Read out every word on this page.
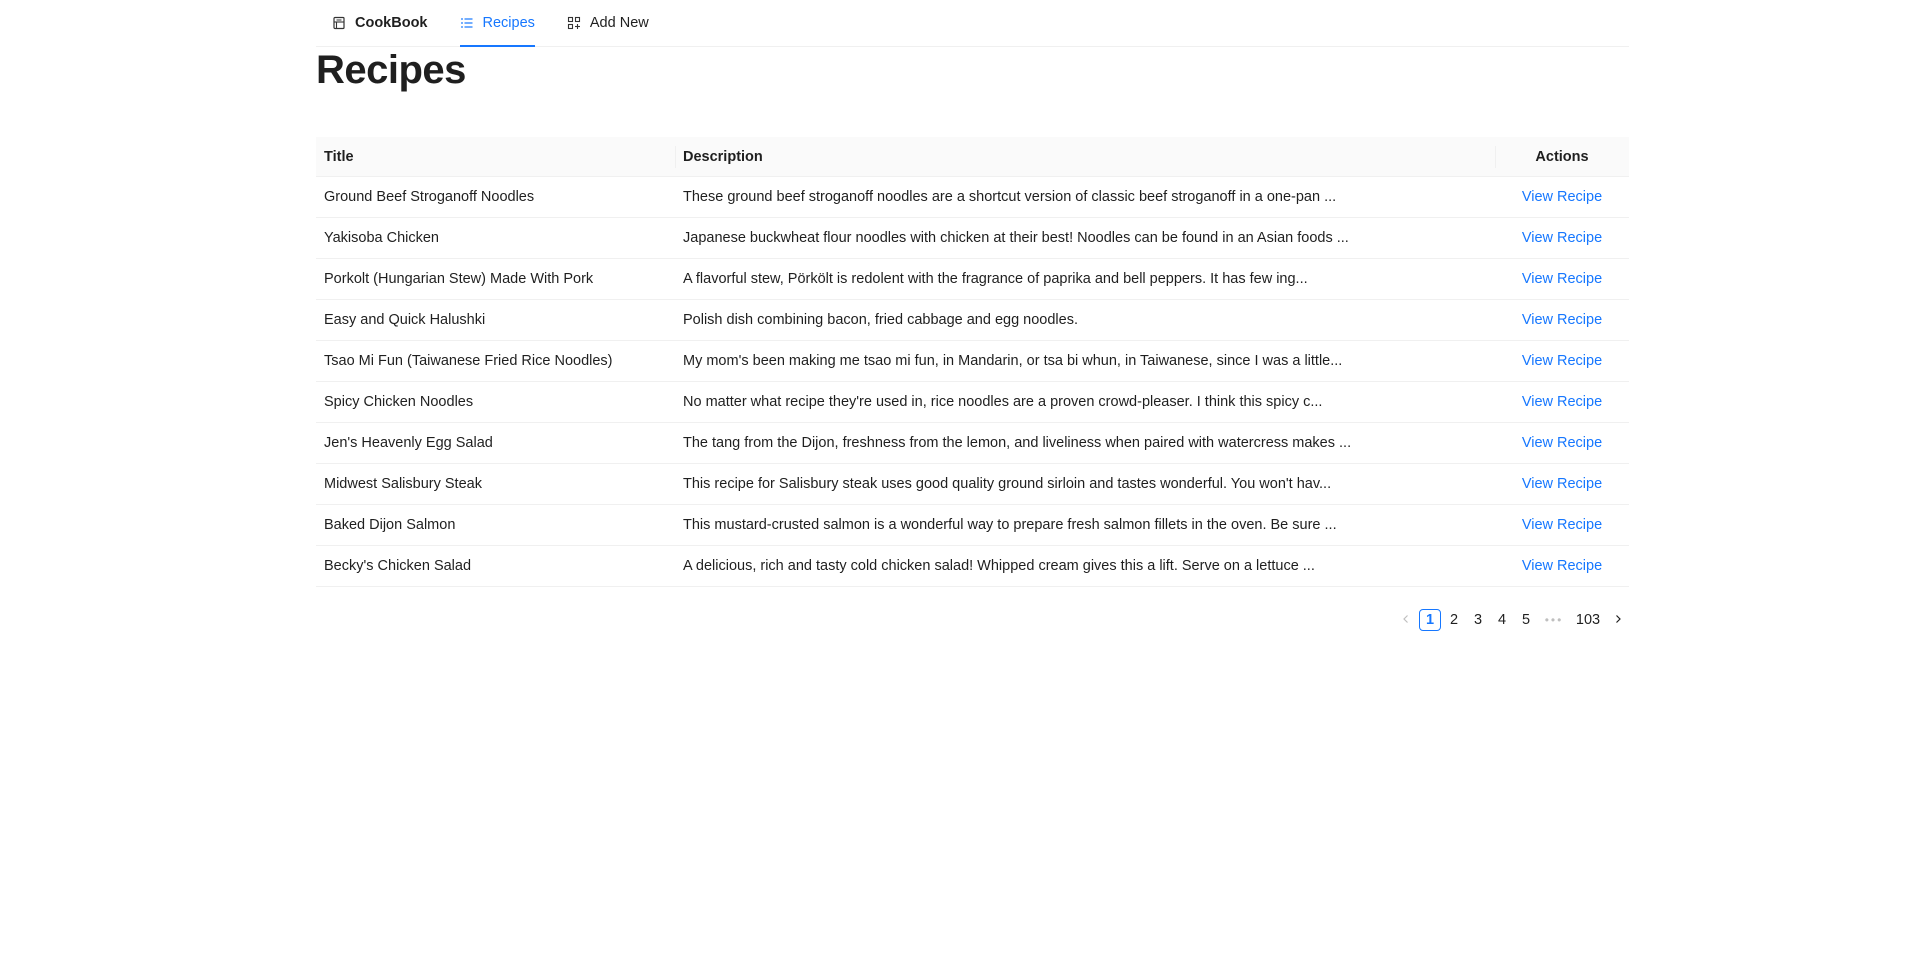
CookBook	Recipes	Add New
Recipes
Title	Description	Actions
Ground Beef Stroganoff Noodles	These ground beef stroganoff noodles are a shortcut version of classic beef stroganoff in a one-pan ...	View Recipe
Yakisoba Chicken	Japanese buckwheat flour noodles with chicken at their best! Noodles can be found in an Asian foods ...	View Recipe
Porkolt (Hungarian Stew) Made With Pork	A flavorful stew, Pörkölt is redolent with the fragrance of paprika and bell peppers. It has few ing...	View Recipe
Easy and Quick Halushki	Polish dish combining bacon, fried cabbage and egg noodles.	View Recipe
Tsao Mi Fun (Taiwanese Fried Rice Noodles)	My mom's been making me tsao mi fun, in Mandarin, or tsa bi whun, in Taiwanese, since I was a little...	View Recipe
Spicy Chicken Noodles	No matter what recipe they're used in, rice noodles are a proven crowd-pleaser. I think this spicy c...	View Recipe
Jen's Heavenly Egg Salad	The tang from the Dijon, freshness from the lemon, and liveliness when paired with watercress makes ...	View Recipe
Midwest Salisbury Steak	This recipe for Salisbury steak uses good quality ground sirloin and tastes wonderful. You won't hav...	View Recipe
Baked Dijon Salmon	This mustard-crusted salmon is a wonderful way to prepare fresh salmon fillets in the oven. Be sure ...	View Recipe
Becky's Chicken Salad	A delicious, rich and tasty cold chicken salad! Whipped cream gives this a lift. Serve on a lettuce ...	View Recipe
1	2	3	4	5	••• 103
